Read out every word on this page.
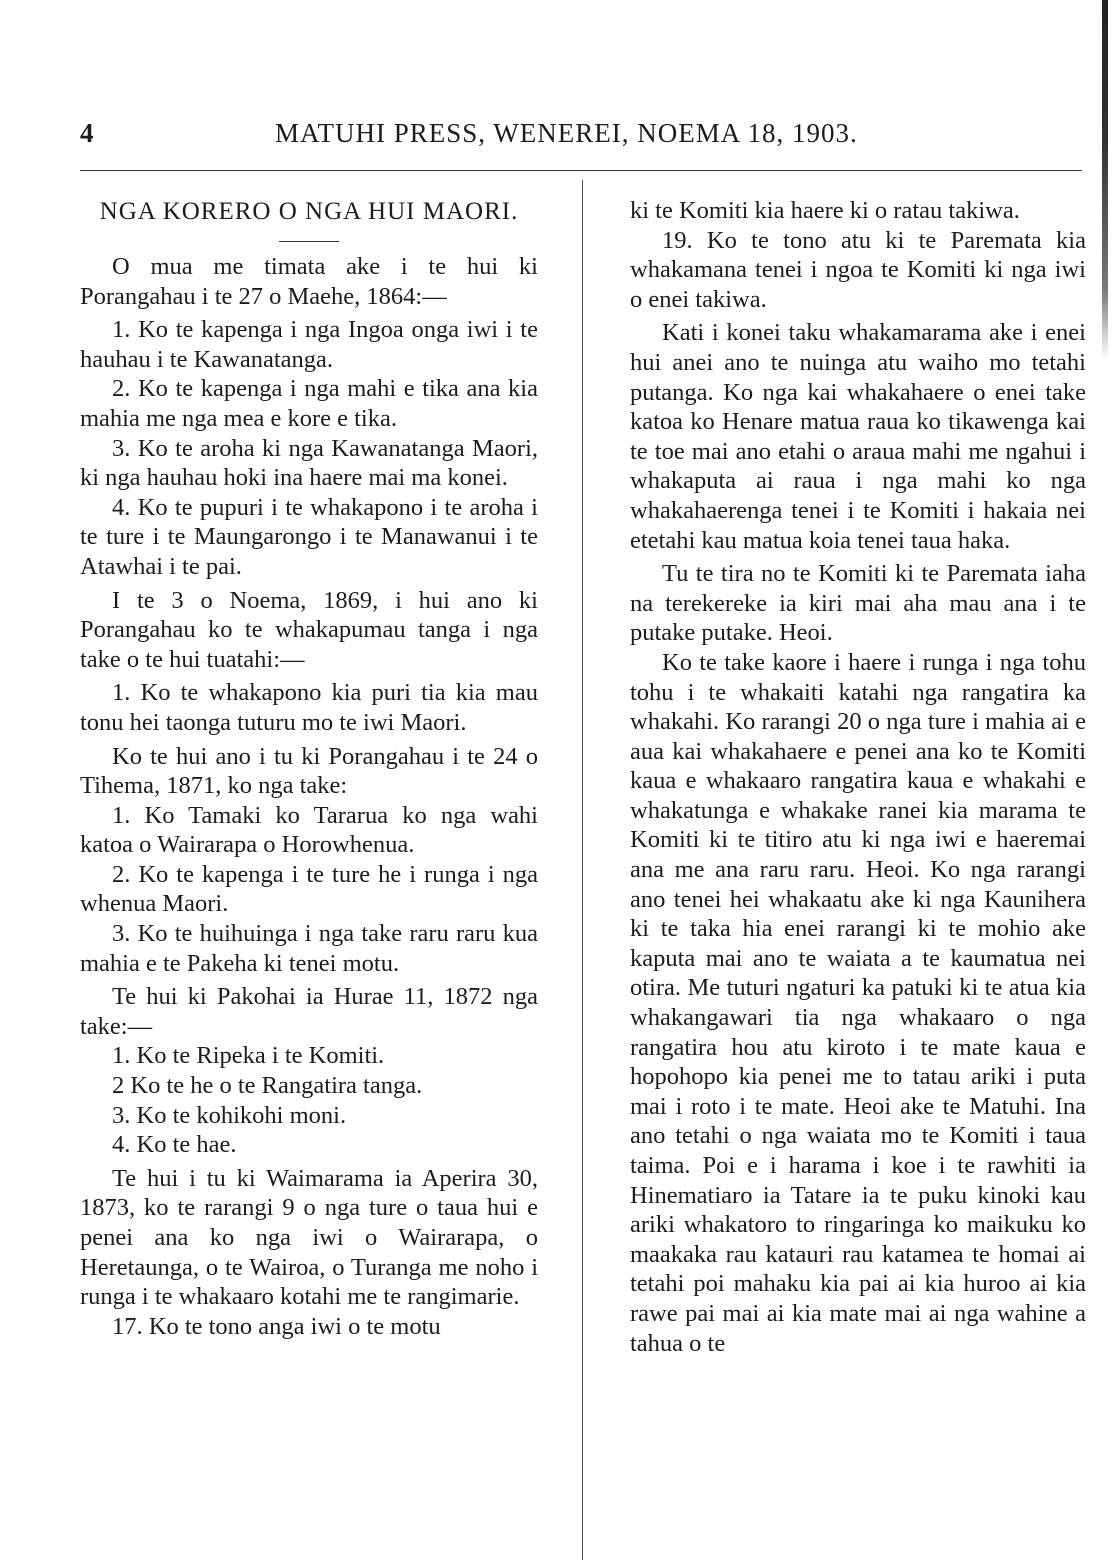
4	MATUHI PRESS, WENEREI, NOEMA 18, 1903.
NGA KORERO O NGA HUI MAORI.

O mua me timata ake i te hui ki Porangahau i te 27 o Maehe, 1864:—

1. Ko te kapenga i nga Ingoa onga iwi i te hauhau i te Kawanatanga.

2. Ko te kapenga i nga mahi e tika ana kia mahia me nga mea e kore e tika.

3. Ko te aroha ki nga Kawanatanga Maori, ki nga hauhau hoki ina haere mai ma konei.

4. Ko te pupuri i te whakapono i te aroha i te ture i te Maungarongo i te Manawanui i te Atawhai i te pai.

I te 3 o Noema, 1869, i hui ano ki Porangahau ko te whakapumau tanga i nga take o te hui tuatahi:—

1. Ko te whakapono kia puri tia kia mau tonu hei taonga tuturu mo te iwi Maori.

Ko te hui ano i tu ki Porangahau i te 24 o Tihema, 1871, ko nga take:

1. Ko Tamaki ko Tararua ko nga wahi katoa o Wairarapa o Horowhenua.

2. Ko te kapenga i te ture he i runga i nga whenua Maori.

3. Ko te huihuinga i nga take raru raru kua mahia e te Pakeha ki tenei motu.

Te hui ki Pakohai ia Hurae 11, 1872 nga take:—

1. Ko te Ripeka i te Komiti.

2 Ko te he o te Rangatira tanga.

3. Ko te kohikohi moni.

4. Ko te hae.

Te hui i tu ki Waimarama ia Aperira 30, 1873, ko te rarangi 9 o nga ture o taua hui e penei ana ko nga iwi o Wairarapa, o Heretaunga, o te Wairoa, o Turanga me noho i runga i te whakaaro kotahi me te rangimarie.

17. Ko te tono anga iwi o te motu

ki te Komiti kia haere ki o ratau takiwa.

19. Ko te tono atu ki te Paremata kia whakamana tenei i ngoa te Komiti ki nga iwi o enei takiwa.

Kati i konei taku whakamarama ake i enei hui anei ano te nuinga atu waiho mo tetahi putanga. Ko nga kai whakahaere o enei take katoa ko Henare matua raua ko tikawenga kai te toe mai ano etahi o araua mahi me ngahui i whakaputa ai raua i nga mahi ko nga whakahaerenga tenei i te Komiti i hakaia nei etetahi kau matua koia tenei taua haka.

Tu te tira no te Komiti ki te Paremata iaha na terekereke ia kiri mai aha mau ana i te putake putake. Heoi.

Ko te take kaore i haere i runga i nga tohu tohu i te whakaiti katahi nga rangatira ka whakahi. Ko rarangi 20 o nga ture i mahia ai e aua kai whakahaere e penei ana ko te Komiti kaua e whakaaro rangatira kaua e whakahi e whakatunga e whakake ranei kia marama te Komiti ki te titiro atu ki nga iwi e haeremai ana me ana raru raru. Heoi. Ko nga rarangi ano tenei hei whakaatu ake ki nga Kaunihera ki te taka hia enei rarangi ki te mohio ake kaputa mai ano te waiata a te kaumatua nei otira. Me tuturi ngaturi ka patuki ki te atua kia whakangawari tia nga whakaaro o nga rangatira hou atu kiroto i te mate kaua e hopohopo kia penei me to tatau ariki i puta mai i roto i te mate. Heoi ake te Matuhi. Ina ano tetahi o nga waiata mo te Komiti i taua taima. Poi e i harama i koe i te rawhiti ia Hinematiaro ia Tatare ia te puku kinoki kau ariki whakatoro to ringaringa ko maikuku ko maakaka rau katauri rau katamea te homai ai tetahi poi mahaku kia pai ai kia huroo ai kia rawe pai mai ai kia mate mai ai nga wahine a tahua o te
